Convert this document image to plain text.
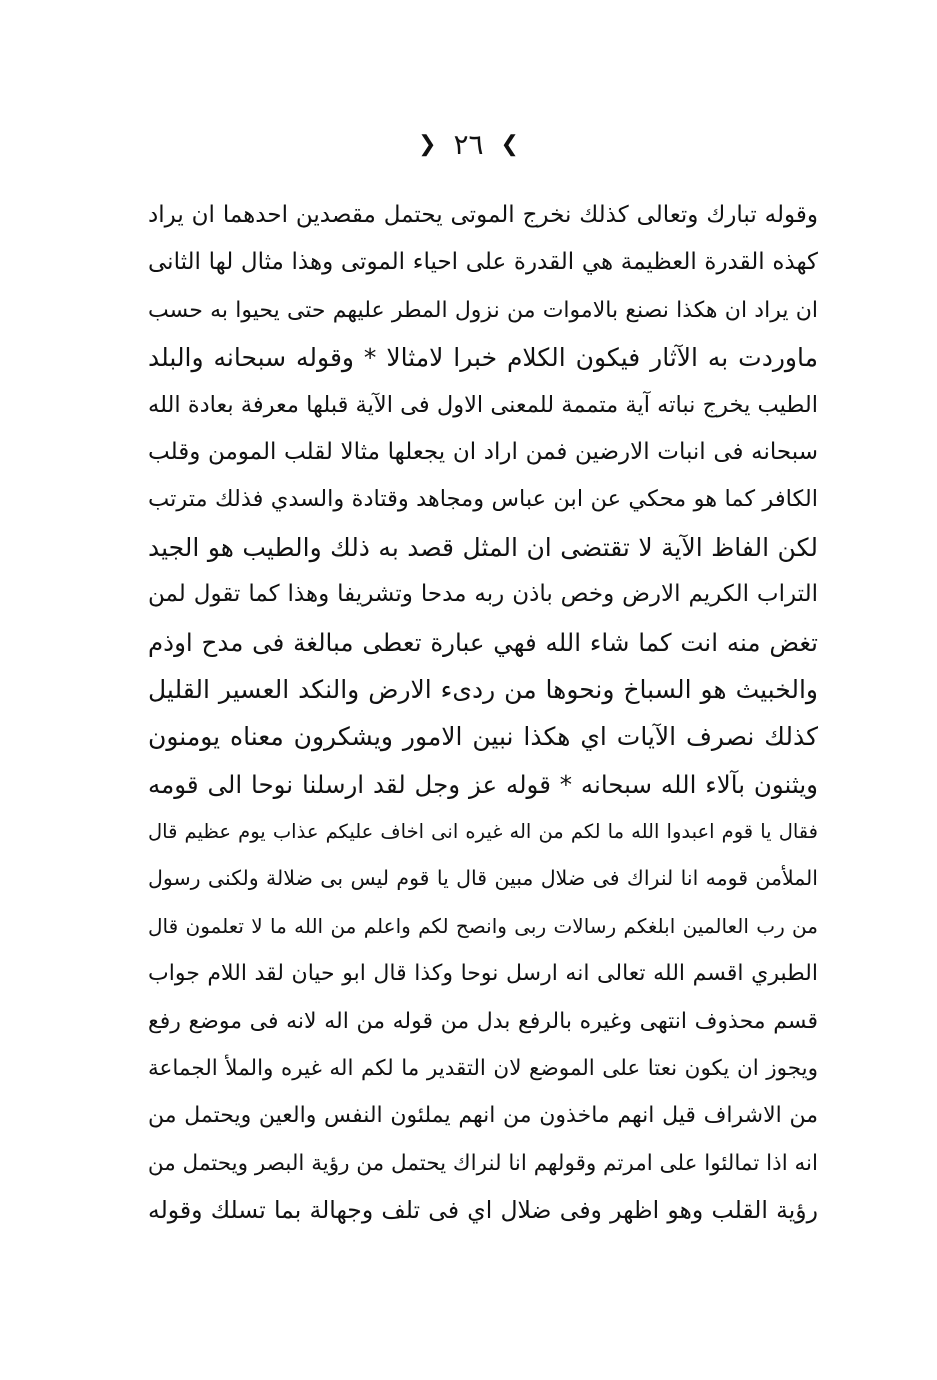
❯ ٢٦ ❮
وقوله تبارك وتعالى كذلك نخرج الموتى يحتمل مقصدين احدهما ان يراد
كهذه القدرة العظيمة هي القدرة على احياء الموتى وهذا مثال لها الثانى
ان يراد ان هكذا نصنع بالاموات من نزول المطر عليهم حتى يحيوا به حسب
ماوردت به الآثار فيكون الكلام خبرا لامثالا * وقوله سبحانه والبلد
الطيب يخرج نباته آية متممة للمعنى الاول فى الآية قبلها معرفة بعادة الله
سبحانه فى انبات الارضين فمن اراد ان يجعلها مثالا لقلب المومن وقلب
الكافر كما هو محكي عن ابن عباس ومجاهد وقتادة والسدي فذلك مترتب
لكن الفاظ الآية لا تقتضى ان المثل قصد به ذلك والطيب هو الجيد
التراب الكريم الارض وخص باذن ربه مدحا وتشريفا وهذا كما تقول لمن
تغض منه انت كما شاء الله فهي عبارة تعطى مبالغة فى مدح اوذم
والخبيث هو السباخ ونحوها من ردىء الارض والنكد العسير القليل
كذلك نصرف الآيات اي هكذا نبين الامور ويشكرون معناه يومنون
ويثنون بآلاء الله سبحانه * قوله عز وجل لقد ارسلنا نوحا الى قومه
فقال يا قوم اعبدوا الله ما لكم من اله غيره انى اخاف عليكم عذاب يوم عظيم قال
الملأمن قومه انا لنراك فى ضلال مبين قال يا قوم ليس بى ضلالة ولكنى رسول
من رب العالمين ابلغكم رسالات ربى وانصح لكم واعلم من الله ما لا تعلمون قال
الطبري اقسم الله تعالى انه ارسل نوحا وكذا قال ابو حيان لقد اللام جواب
قسم محذوف انتهى وغيره بالرفع بدل من قوله من اله لانه فى موضع رفع
ويجوز ان يكون نعتا على الموضع لان التقدير ما لكم اله غيره والملأ الجماعة
من الاشراف قيل انهم ماخذون من انهم يملئون النفس والعين ويحتمل من
انه اذا تمالئوا على امرتم وقولهم انا لنراك يحتمل من رؤية البصر ويحتمل من
رؤية القلب وهو اظهر وفى ضلال اي فى تلف وجهالة بما تسلك وقوله
